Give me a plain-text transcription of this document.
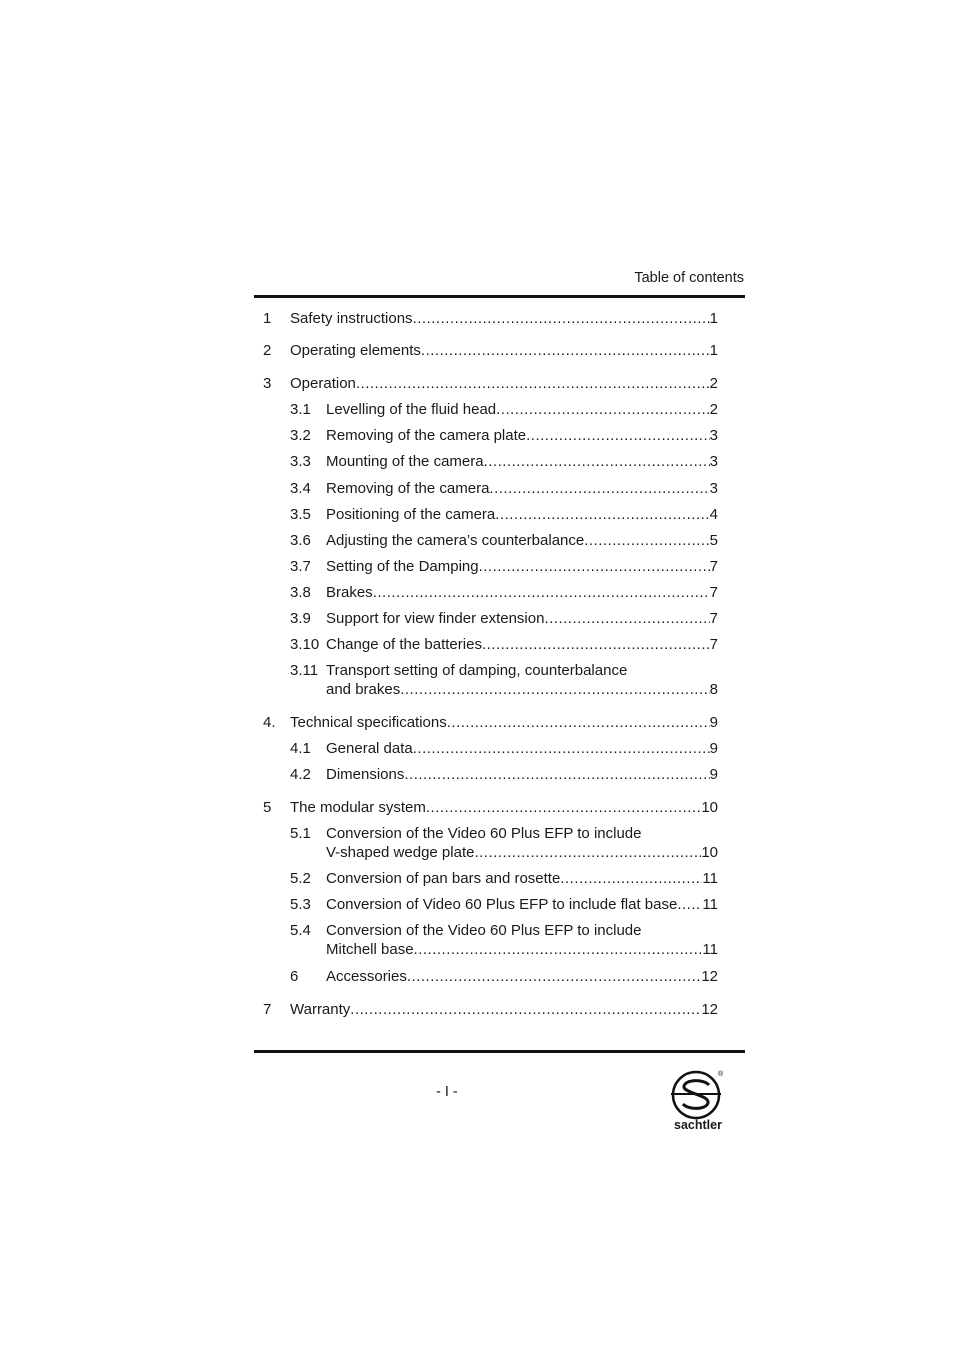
Table of contents
1 Safety instructions .....	1
2 Operating elements .....	1
3 Operation .....	2
3.1 Levelling of the fluid head .....	2
3.2 Removing of the camera plate .....	3
3.3 Mounting of the camera .....	3
3.4 Removing of the camera .....	3
3.5 Positioning of the camera .....	4
3.6 Adjusting the camera’s counterbalance .....	5
3.7 Setting of the Damping .....	7
3.8 Brakes .....	7
3.9 Support for view finder extension .....	7
3.10 Change of the batteries .....	7
3.11 Transport setting of damping, counterbalance
and brakes .....	8
4. Technical specifications .....	9
4.1 General data .....	9
4.2 Dimensions .....	9
5 The modular system .....	10
5.1 Conversion of the Video 60 Plus EFP to include
V-shaped wedge plate .....	10
5.2 Conversion of pan bars and rosette .....	11
5.3 Conversion of Video 60 Plus EFP to include flat base ..... 11
5.4 Conversion of the Video 60 Plus EFP to include
Mitchell base .....	11
6 Accessories .....	12
7 Warranty .....	12
- I -
®
sachtler
